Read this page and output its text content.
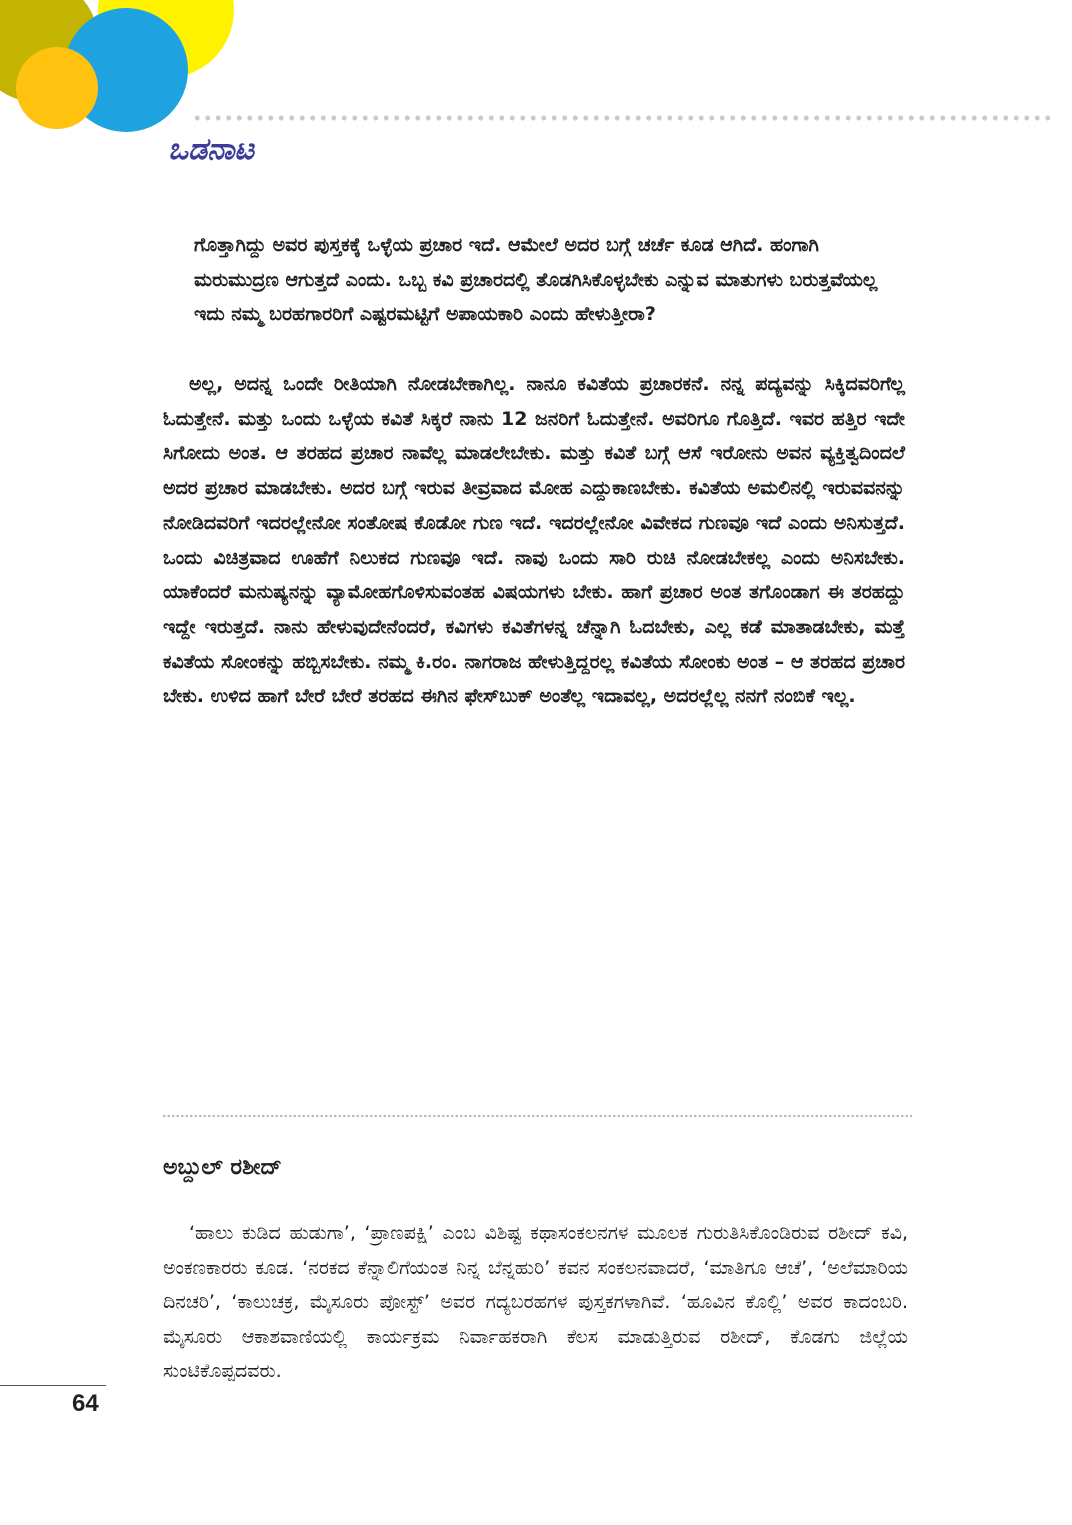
ಒಡನಾಟ

ಗೊತ್ತಾಗಿದ್ದು ಅವರ ಪುಸ್ತಕಕ್ಕೆ ಒಳ್ಳೆಯ ಪ್ರಚಾರ ಇದೆ. ಆಮೇಲೆ ಅದರ ಬಗ್ಗೆ ಚರ್ಚೆ ಕೂಡ ಆಗಿದೆ. ಹಂಗಾಗಿ ಮರುಮುದ್ರಣ ಆಗುತ್ತದೆ ಎಂದು. ಒಬ್ಬ ಕವಿ ಪ್ರಚಾರದಲ್ಲಿ ತೊಡಗಿಸಿಕೊಳ್ಳಬೇಕು ಎನ್ನುವ ಮಾತುಗಳು ಬರುತ್ತವೆಯಲ್ಲ ಇದು ನಮ್ಮ ಬರಹಗಾರರಿಗೆ ಎಷ್ಟರಮಟ್ಟಿಗೆ ಅಪಾಯಕಾರಿ ಎಂದು ಹೇಳುತ್ತೀರಾ?

ಅಲ್ಲ, ಅದನ್ನ ಒಂದೇ ರೀತಿಯಾಗಿ ನೋಡಬೇಕಾಗಿಲ್ಲ. ನಾನೂ ಕವಿತೆಯ ಪ್ರಚಾರಕನೆ. ನನ್ನ ಪದ್ಯವನ್ನು ಸಿಕ್ಕಿದವರಿಗೆಲ್ಲ ಓದುತ್ತೇನೆ. ಮತ್ತು ಒಂದು ಒಳ್ಳೆಯ ಕವಿತೆ ಸಿಕ್ಕರೆ ನಾನು 12 ಜನರಿಗೆ ಓದುತ್ತೇನೆ. ಅವರಿಗೂ ಗೊತ್ತಿದೆ. ಇವರ ಹತ್ತಿರ ಇದೇ ಸಿಗೋದು ಅಂತ. ಆ ತರಹದ ಪ್ರಚಾರ ನಾವೆಲ್ಲ ಮಾಡಲೇಬೇಕು. ಮತ್ತು ಕವಿತೆ ಬಗ್ಗೆ ಆಸೆ ಇರೋನು ಅವನ ವ್ಯಕ್ತಿತ್ವದಿಂದಲೆ ಅದರ ಪ್ರಚಾರ ಮಾಡಬೇಕು. ಅದರ ಬಗ್ಗೆ ಇರುವ ತೀವ್ರವಾದ ಮೋಹ ಎದ್ದುಕಾಣಬೇಕು. ಕವಿತೆಯ ಅಮಲಿನಲ್ಲಿ ಇರುವವನನ್ನು ನೋಡಿದವರಿಗೆ ಇದರಲ್ಲೇನೋ ಸಂತೋಷ ಕೊಡೋ ಗುಣ ಇದೆ. ಇದರಲ್ಲೇನೋ ವಿವೇಕದ ಗುಣವೂ ಇದೆ ಎಂದು ಅನಿಸುತ್ತದೆ. ಒಂದು ವಿಚಿತ್ರವಾದ ಊಹೆಗೆ ನಿಲುಕದ ಗುಣವೂ ಇದೆ. ನಾವು ಒಂದು ಸಾರಿ ರುಚಿ ನೋಡಬೇಕಲ್ಲ ಎಂದು ಅನಿಸಬೇಕು. ಯಾಕೆಂದರೆ ಮನುಷ್ಯನನ್ನು ವ್ಯಾಮೋಹಗೊಳಿಸುವಂತಹ ವಿಷಯಗಳು ಬೇಕು. ಹಾಗೆ ಪ್ರಚಾರ ಅಂತ ತಗೊಂಡಾಗ ಈ ತರಹದ್ದು ಇದ್ದೇ ಇರುತ್ತದೆ. ನಾನು ಹೇಳುವುದೇನೆಂದರೆ, ಕವಿಗಳು ಕವಿತೆಗಳನ್ನ ಚೆನ್ನಾಗಿ ಓದಬೇಕು, ಎಲ್ಲ ಕಡೆ ಮಾತಾಡಬೇಕು, ಮತ್ತೆ ಕವಿತೆಯ ಸೋಂಕನ್ನು ಹಬ್ಬಿಸಬೇಕು. ನಮ್ಮ ಕಿ.ರಂ. ನಾಗರಾಜ ಹೇಳುತ್ತಿದ್ದರಲ್ಲ ಕವಿತೆಯ ಸೋಂಕು ಅಂತ – ಆ ತರಹದ ಪ್ರಚಾರ ಬೇಕು. ಉಳಿದ ಹಾಗೆ ಬೇರೆ ಬೇರೆ ತರಹದ ಈಗಿನ ಫೇಸ್‌ಬುಕ್ ಅಂತೆಲ್ಲ ಇದಾವಲ್ಲ, ಅದರಲ್ಲೆಲ್ಲ ನನಗೆ ನಂಬಿಕೆ ಇಲ್ಲ.

ಅಬ್ದುಲ್ ರಶೀದ್

‘ಹಾಲು ಕುಡಿದ ಹುಡುಗಾ’, ‘ಪ್ರಾಣಪಕ್ಷಿ’ ಎಂಬ ವಿಶಿಷ್ಟ ಕಥಾಸಂಕಲನಗಳ ಮೂಲಕ ಗುರುತಿಸಿಕೊಂಡಿರುವ ರಶೀದ್ ಕವಿ, ಅಂಕಣಕಾರರು ಕೂಡ. ‘ನರಕದ ಕೆನ್ನಾಲಿಗೆಯಂತ ನಿನ್ನ ಬೆನ್ನಹುರಿ’ ಕವನ ಸಂಕಲನವಾದರೆ, ‘ಮಾತಿಗೂ ಆಚೆ’, ‘ಅಲೆಮಾರಿಯ ದಿನಚರಿ’, ‘ಕಾಲುಚಕ್ರ, ಮೈಸೂರು ಪೋಸ್ಟ್’ ಅವರ ಗದ್ಯಬರಹಗಳ ಪುಸ್ತಕಗಳಾಗಿವೆ. ‘ಹೂವಿನ ಕೊಲ್ಲಿ’ ಅವರ ಕಾದಂಬರಿ. ಮೈಸೂರು ಆಕಾಶವಾಣಿಯಲ್ಲಿ ಕಾರ್ಯಕ್ರಮ ನಿರ್ವಾಹಕರಾಗಿ ಕೆಲಸ ಮಾಡುತ್ತಿರುವ ರಶೀದ್, ಕೊಡಗು ಜಿಲ್ಲೆಯ ಸುಂಟಿಕೊಪ್ಪದವರು.

64
